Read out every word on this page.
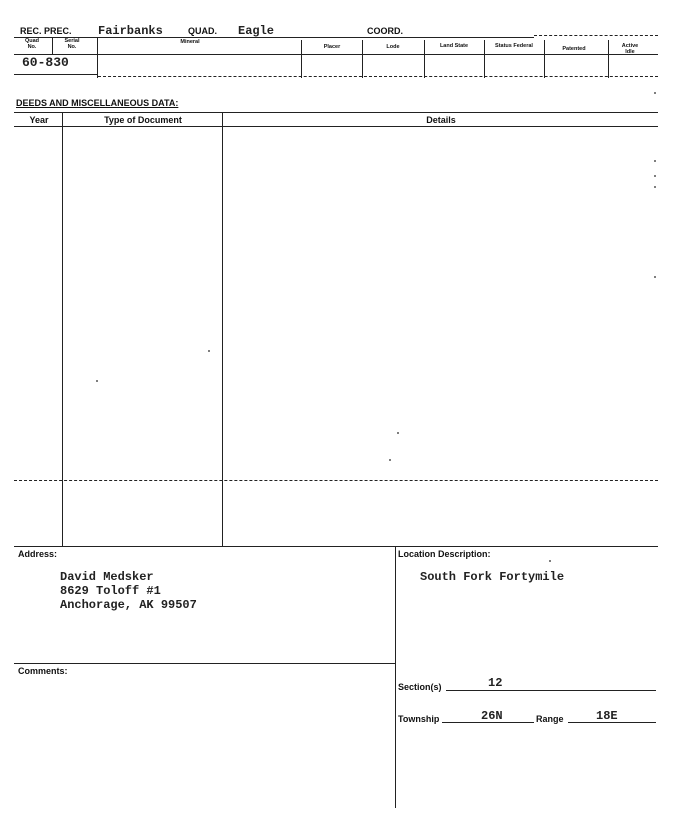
REC. PREC. Fairbanks	QUAD. Eagle	COORD.
Quad No.
Serial No.
Mineral
Placer	Lode	Land State	Status Federal	Patented	Active Idle
60-830
DEEDS AND MISCELLANEOUS DATA:
Year	Type of Document	Details
Address:
David Medsker
8629 Toloff #1
Anchorage, AK 99507
Location Description:
South Fork Fortymile
Comments:
Section(s)	12
Township	26N	Range	18E
